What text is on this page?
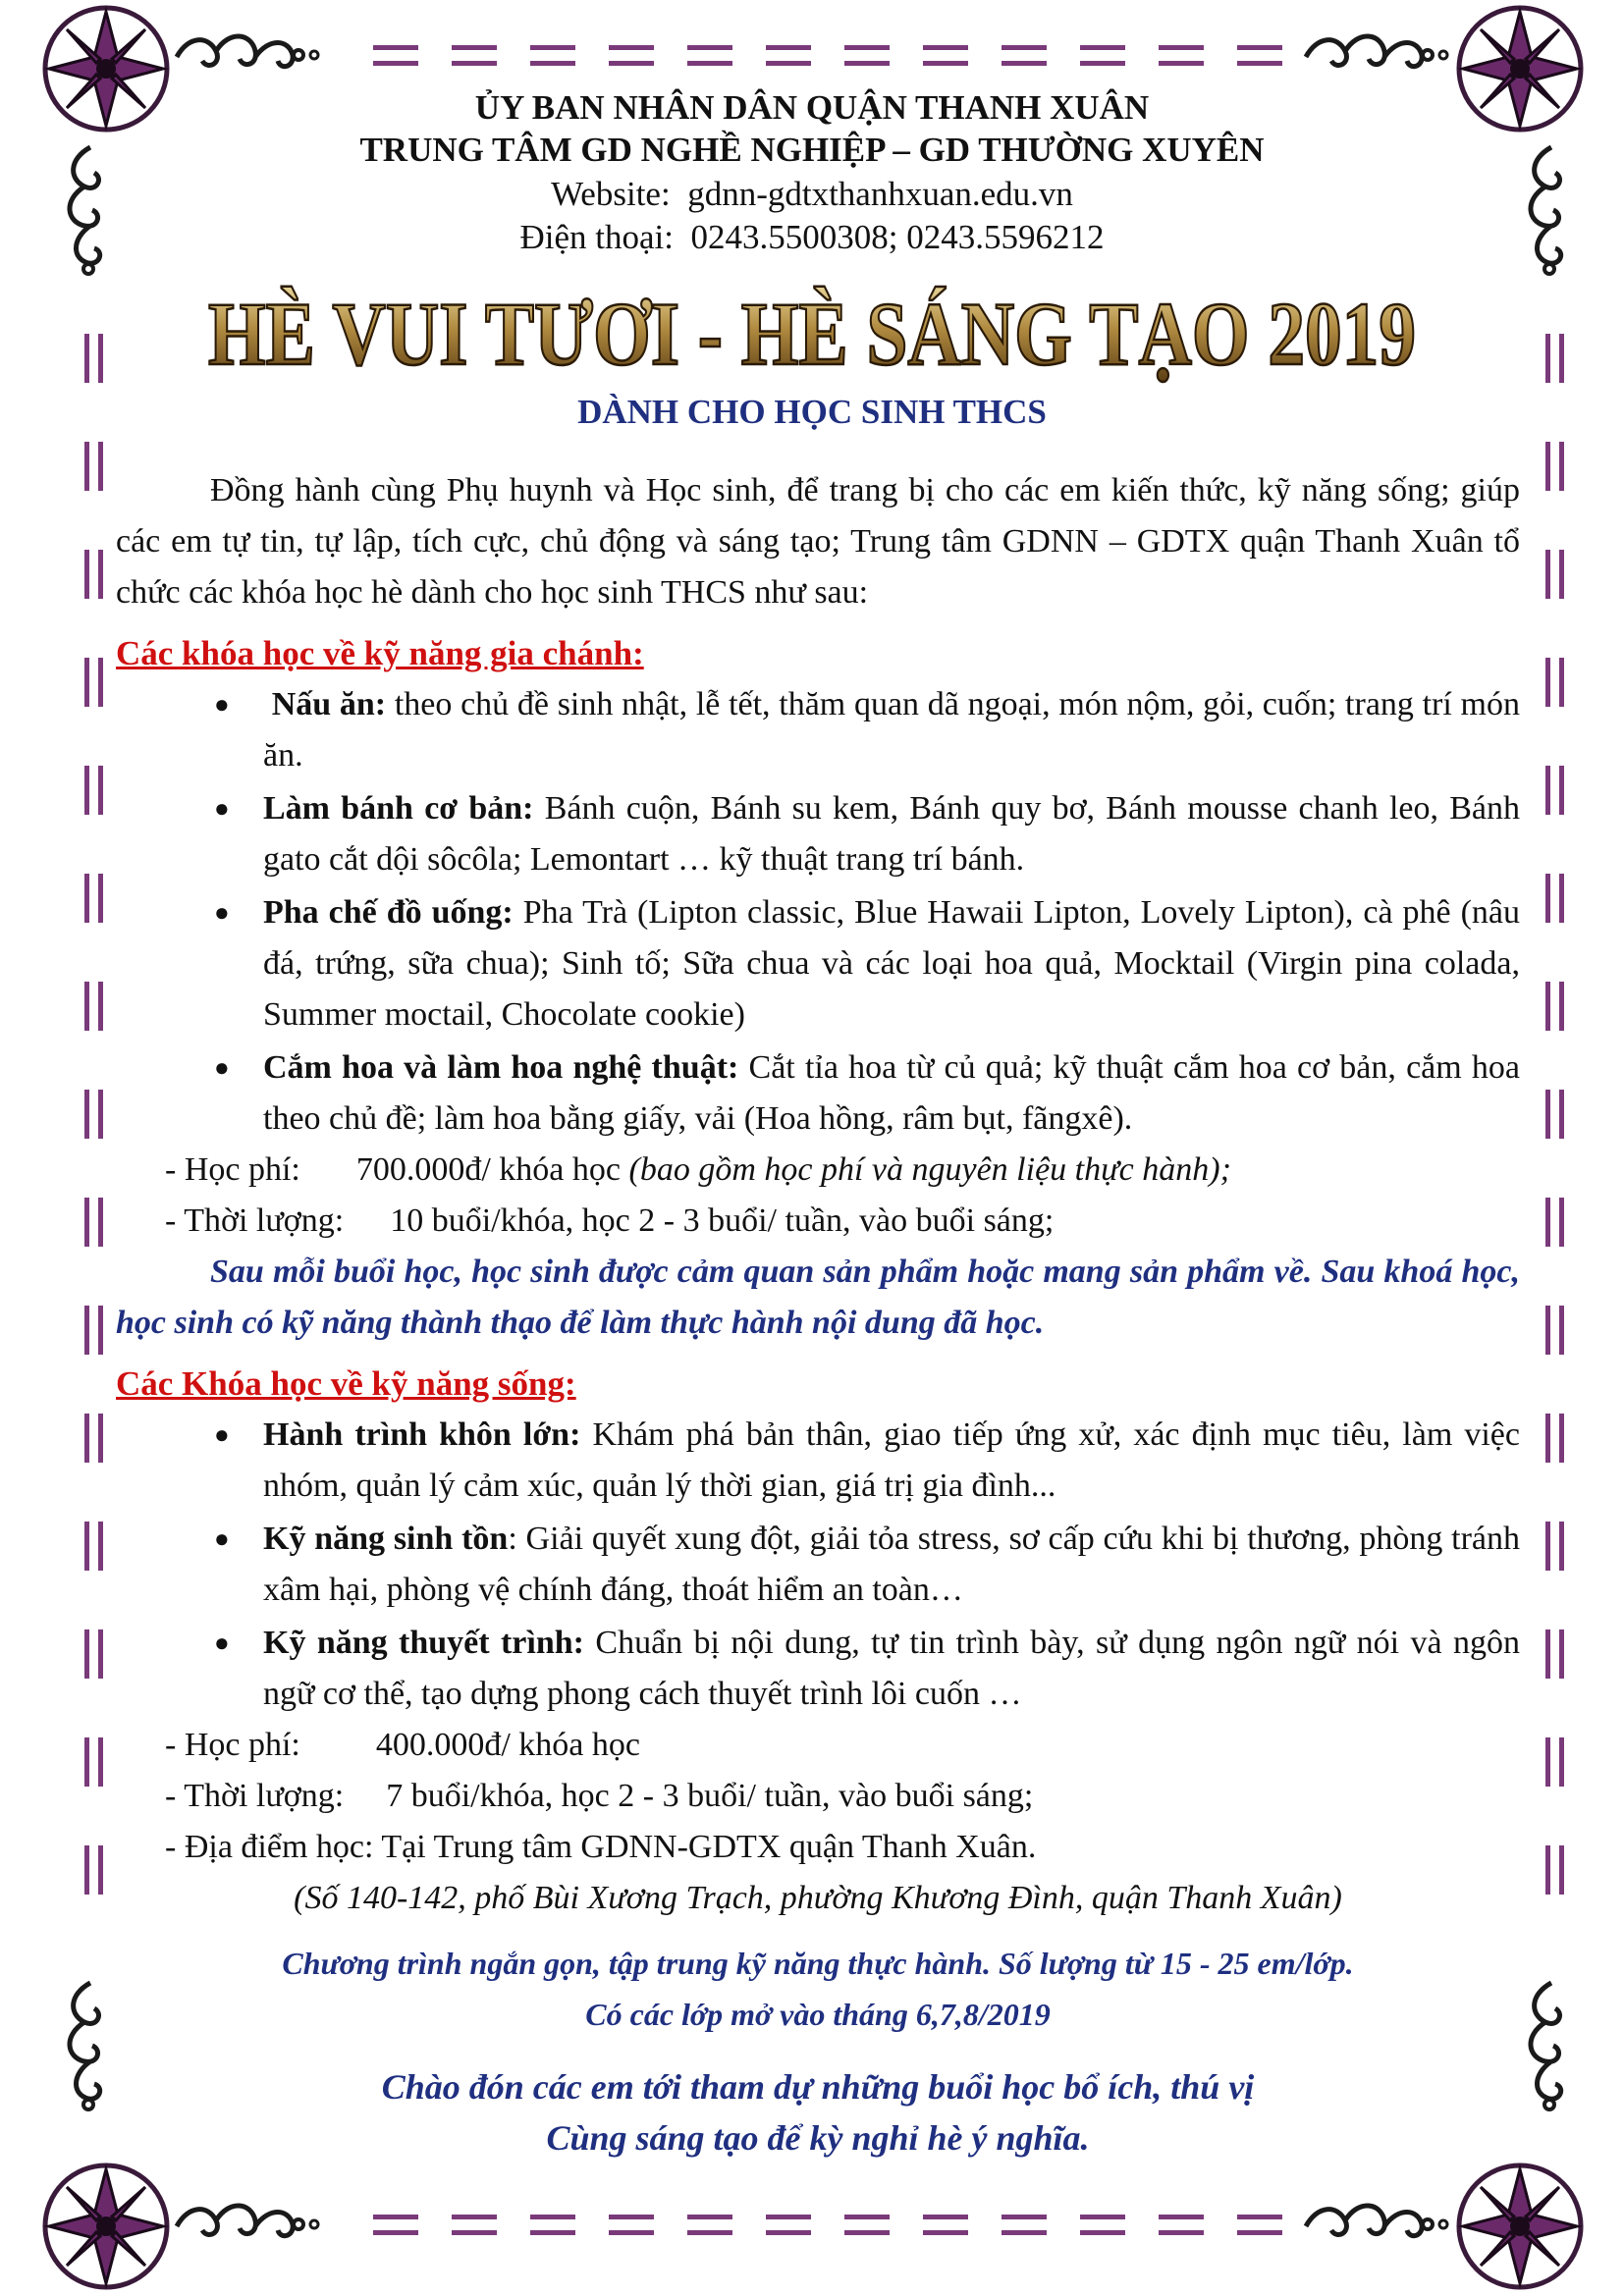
ỦY BAN NHÂN DÂN QUẬN THANH XUÂN
TRUNG TÂM GD NGHỀ NGHIỆP – GD THƯỜNG XUYÊN
Website: gdnn-gdtxthanhxuan.edu.vn
Điện thoại: 0243.5500308; 0243.5596212
HÈ VUI TƯƠI - HÈ SÁNG TẠO 2019
DÀNH CHO HỌC SINH THCS
Đồng hành cùng Phụ huynh và Học sinh, để trang bị cho các em kiến thức, kỹ năng sống; giúp các em tự tin, tự lập, tích cực, chủ động và sáng tạo; Trung tâm GDNN – GDTX quận Thanh Xuân tổ chức các khóa học hè dành cho học sinh THCS như sau:
Các khóa học về kỹ năng gia chánh:
● Nấu ăn: theo chủ đề sinh nhật, lễ tết, thăm quan dã ngoại, món nộm, gỏi, cuốn; trang trí món ăn.
● Làm bánh cơ bản: Bánh cuộn, Bánh su kem, Bánh quy bơ, Bánh mousse chanh leo, Bánh gato cắt dội sôcôla; Lemontart … kỹ thuật trang trí bánh.
● Pha chế đồ uống: Pha Trà (Lipton classic, Blue Hawaii Lipton, Lovely Lipton), cà phê (nâu đá, trứng, sữa chua); Sinh tố; Sữa chua và các loại hoa quả, Mocktail (Virgin pina colada, Summer moctail, Chocolate cookie)
● Cắm hoa và làm hoa nghệ thuật: Cắt tỉa hoa từ củ quả; kỹ thuật cắm hoa cơ bản, cắm hoa theo chủ đề; làm hoa bằng giấy, vải (Hoa hồng, râm bụt, fãngxê).
- Học phí: 700.000đ/ khóa học (bao gồm học phí và nguyên liệu thực hành);
- Thời lượng: 10 buổi/khóa, học 2 - 3 buổi/ tuần, vào buổi sáng;
Sau mỗi buổi học, học sinh được cảm quan sản phẩm hoặc mang sản phẩm về. Sau khoá học, học sinh có kỹ năng thành thạo để làm thực hành nội dung đã học.
Các Khóa học về kỹ năng sống:
● Hành trình khôn lớn: Khám phá bản thân, giao tiếp ứng xử, xác định mục tiêu, làm việc nhóm, quản lý cảm xúc, quản lý thời gian, giá trị gia đình...
● Kỹ năng sinh tồn: Giải quyết xung đột, giải tỏa stress, sơ cấp cứu khi bị thương, phòng tránh xâm hại, phòng vệ chính đáng, thoát hiểm an toàn…
● Kỹ năng thuyết trình: Chuẩn bị nội dung, tự tin trình bày, sử dụng ngôn ngữ nói và ngôn ngữ cơ thể, tạo dựng phong cách thuyết trình lôi cuốn …
- Học phí: 400.000đ/ khóa học
- Thời lượng: 7 buổi/khóa, học 2 - 3 buổi/ tuần, vào buổi sáng;
- Địa điểm học: Tại Trung tâm GDNN-GDTX quận Thanh Xuân.
(Số 140-142, phố Bùi Xương Trạch, phường Khương Đình, quận Thanh Xuân)
Chương trình ngắn gọn, tập trung kỹ năng thực hành. Số lượng từ 15 - 25 em/lớp.
Có các lớp mở vào tháng 6,7,8/2019
Chào đón các em tới tham dự những buổi học bổ ích, thú vị
Cùng sáng tạo để kỳ nghỉ hè ý nghĩa.
